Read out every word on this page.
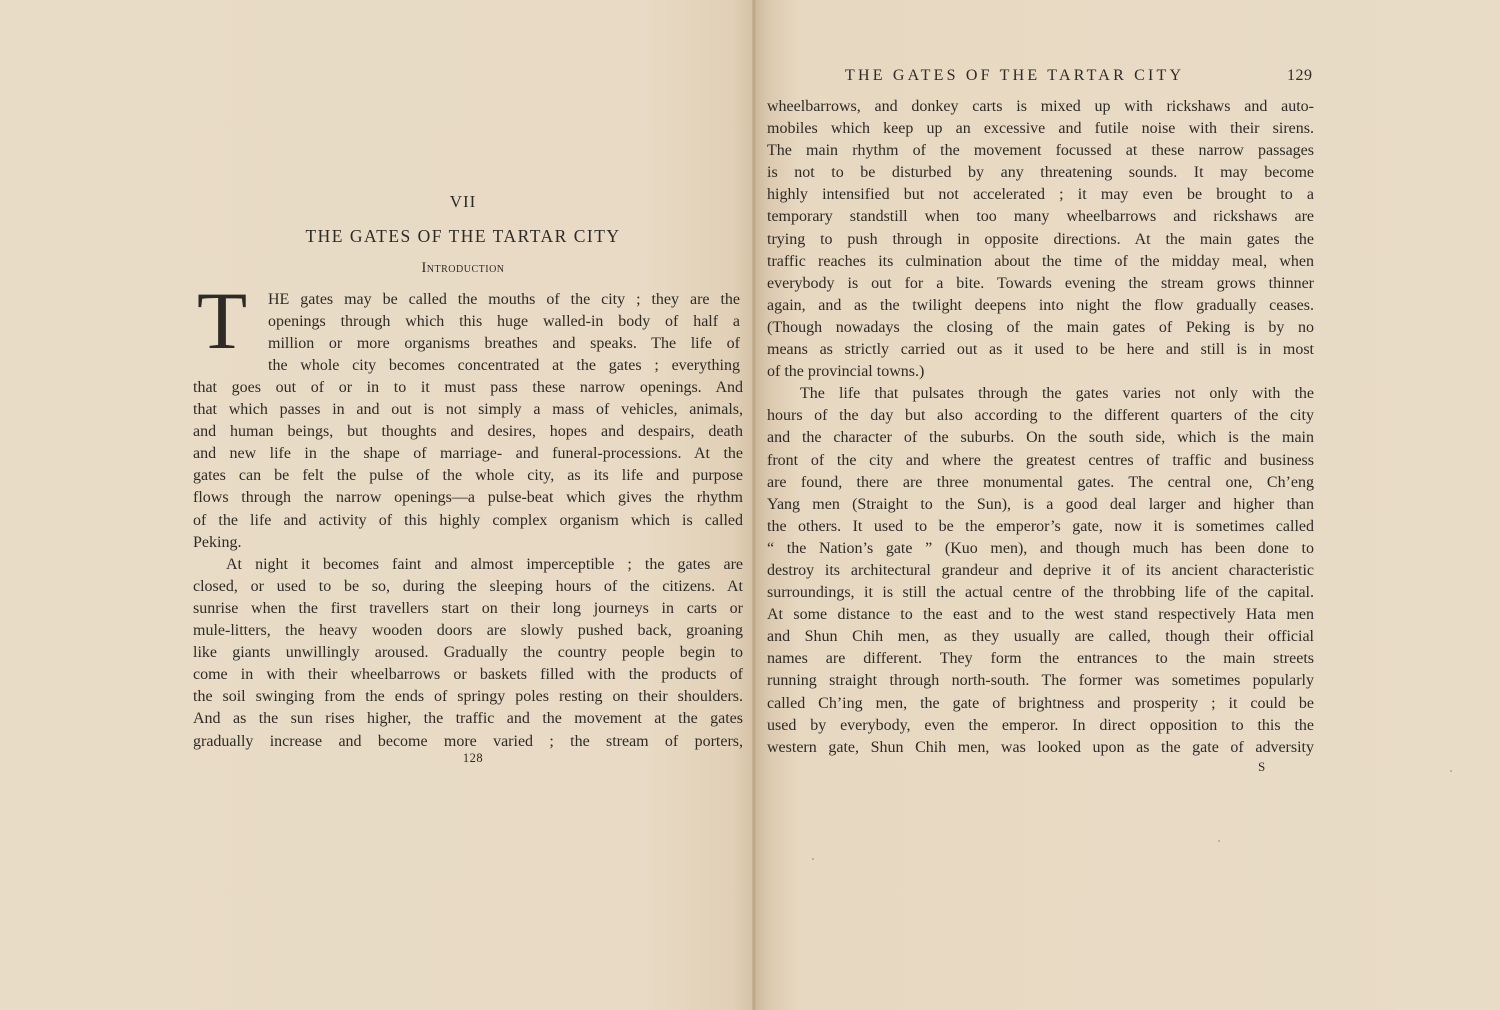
VII
THE GATES OF THE TARTAR CITY
Introduction
T	HE gates may be called the mouths of the city ; they are the
openings through which this huge walled-in body of half a
million or more organisms breathes and speaks. The life of
the whole city becomes concentrated at the gates ; everything
that goes out of or in to it must pass these narrow openings. And
that which passes in and out is not simply a mass of vehicles, animals,
and human beings, but thoughts and desires, hopes and despairs, death
and new life in the shape of marriage- and funeral-processions. At the
gates can be felt the pulse of the whole city, as its life and purpose
flows through the narrow openings—a pulse-beat which gives the rhythm
of the life and activity of this highly complex organism which is called
Peking.
At night it becomes faint and almost imperceptible ; the gates are
closed, or used to be so, during the sleeping hours of the citizens. At
sunrise when the first travellers start on their long journeys in carts or
mule-litters, the heavy wooden doors are slowly pushed back, groaning
like giants unwillingly aroused. Gradually the country people begin to
come in with their wheelbarrows or baskets filled with the products of
the soil swinging from the ends of springy poles resting on their shoulders.
And as the sun rises higher, the traffic and the movement at the gates
gradually increase and become more varied ; the stream of porters,
128
THE GATES OF THE TARTAR CITY	129
wheelbarrows, and donkey carts is mixed up with rickshaws and auto-
mobiles which keep up an excessive and futile noise with their sirens.
The main rhythm of the movement focussed at these narrow passages
is not to be disturbed by any threatening sounds. It may become
highly intensified but not accelerated ; it may even be brought to a
temporary standstill when too many wheelbarrows and rickshaws are
trying to push through in opposite directions. At the main gates the
traffic reaches its culmination about the time of the midday meal, when
everybody is out for a bite. Towards evening the stream grows thinner
again, and as the twilight deepens into night the flow gradually ceases.
(Though nowadays the closing of the main gates of Peking is by no
means as strictly carried out as it used to be here and still is in most
of the provincial towns.)
The life that pulsates through the gates varies not only with the
hours of the day but also according to the different quarters of the city
and the character of the suburbs. On the south side, which is the main
front of the city and where the greatest centres of traffic and business
are found, there are three monumental gates. The central one, Ch’eng
Yang men (Straight to the Sun), is a good deal larger and higher than
the others. It used to be the emperor’s gate, now it is sometimes called
“ the Nation’s gate ” (Kuo men), and though much has been done to
destroy its architectural grandeur and deprive it of its ancient characteristic
surroundings, it is still the actual centre of the throbbing life of the capital.
At some distance to the east and to the west stand respectively Hata men
and Shun Chih men, as they usually are called, though their official
names are different. They form the entrances to the main streets
running straight through north-south. The former was sometimes popularly
called Ch’ing men, the gate of brightness and prosperity ; it could be
used by everybody, even the emperor. In direct opposition to this the
western gate, Shun Chih men, was looked upon as the gate of adversity
S
